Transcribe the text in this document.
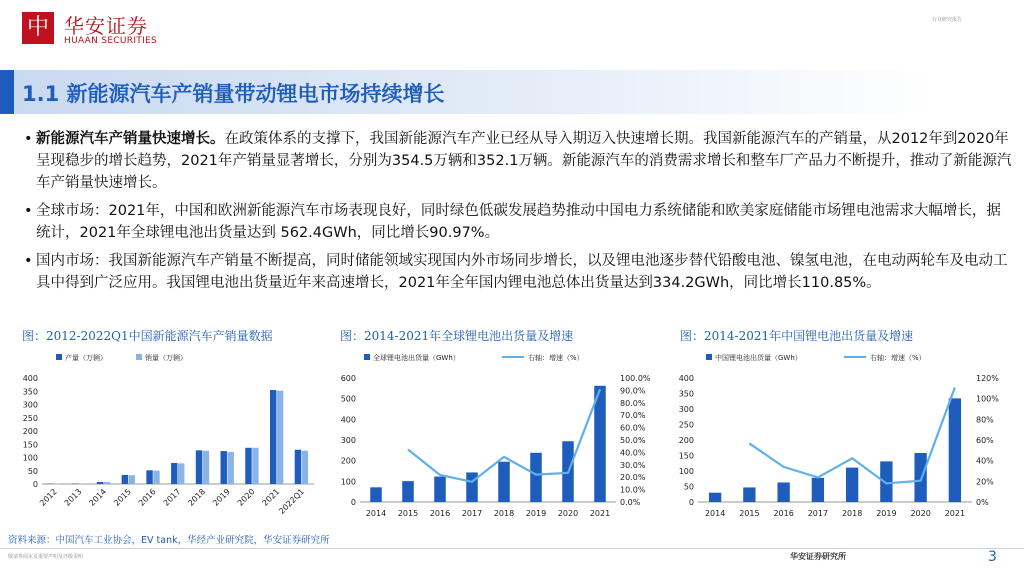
中 华安证券
HUAAN SECURITIES
行业研究报告
1.1 新能源汽车产销量带动锂电市场持续增长
• 新能源汽车产销量快速增长。在政策体系的支撑下，我国新能源汽车产业已经从导入期迈入快速增长期。我国新能源汽车的产销量，从2012年到2020年呈现稳步的增长趋势，2021年产销量显著增长，分别为354.5万辆和352.1万辆。新能源汽车的消费需求增长和整车厂产品力不断提升，推动了新能源汽车产销量快速增长。
• 全球市场：2021年，中国和欧洲新能源汽车市场表现良好，同时绿色低碳发展趋势推动中国电力系统储能和欧美家庭储能市场锂电池需求大幅增长，据统计，2021年全球锂电池出货量达到 562.4GWh，同比增长90.97%。
• 国内市场：我国新能源汽车产销量不断提高，同时储能领域实现国内外市场同步增长，以及锂电池逐步替代铅酸电池、镍氢电池，在电动两轮车及电动工具中得到广泛应用。我国锂电池出货量近年来高速增长，2021年全年国内锂电池总体出货量达到334.2GWh，同比增长110.85%。
图：2012-2022Q1中国新能源汽车产销量数据	图：2014-2021年全球锂电池出货量及增速	图：2014-2021年中国锂电池出货量及增速
产量（万辆）	销量（万辆）
0
50
100
150
200
250
300
350
400
2012 2013 2014 2015 2016 2017 2018 2019 2020 2021
2022Q1
全球锂电池出货量（GWh）	右轴：增速（%）
0
100
200
300
400
500
600
0.0%
10.0%
20.0%
30.0%
40.0%
50.0%
60.0%
70.0%
80.0%
90.0%
100.0%
2014 2015 2016 2017 2018 2019 2020 2021
中国锂电池出货量（GWh）	右轴：增速（%）
0
50
100
150
200
250
300
350
400
0%
20%
40%
60%
80%
100%
120%
2014 2015 2016 2017 2018 2019 2020 2021
资料来源：中国汽车工业协会，EV tank，华经产业研究院，华安证券研究所
敬请参阅末页重要声明及评级说明	华安证券研究所	3
